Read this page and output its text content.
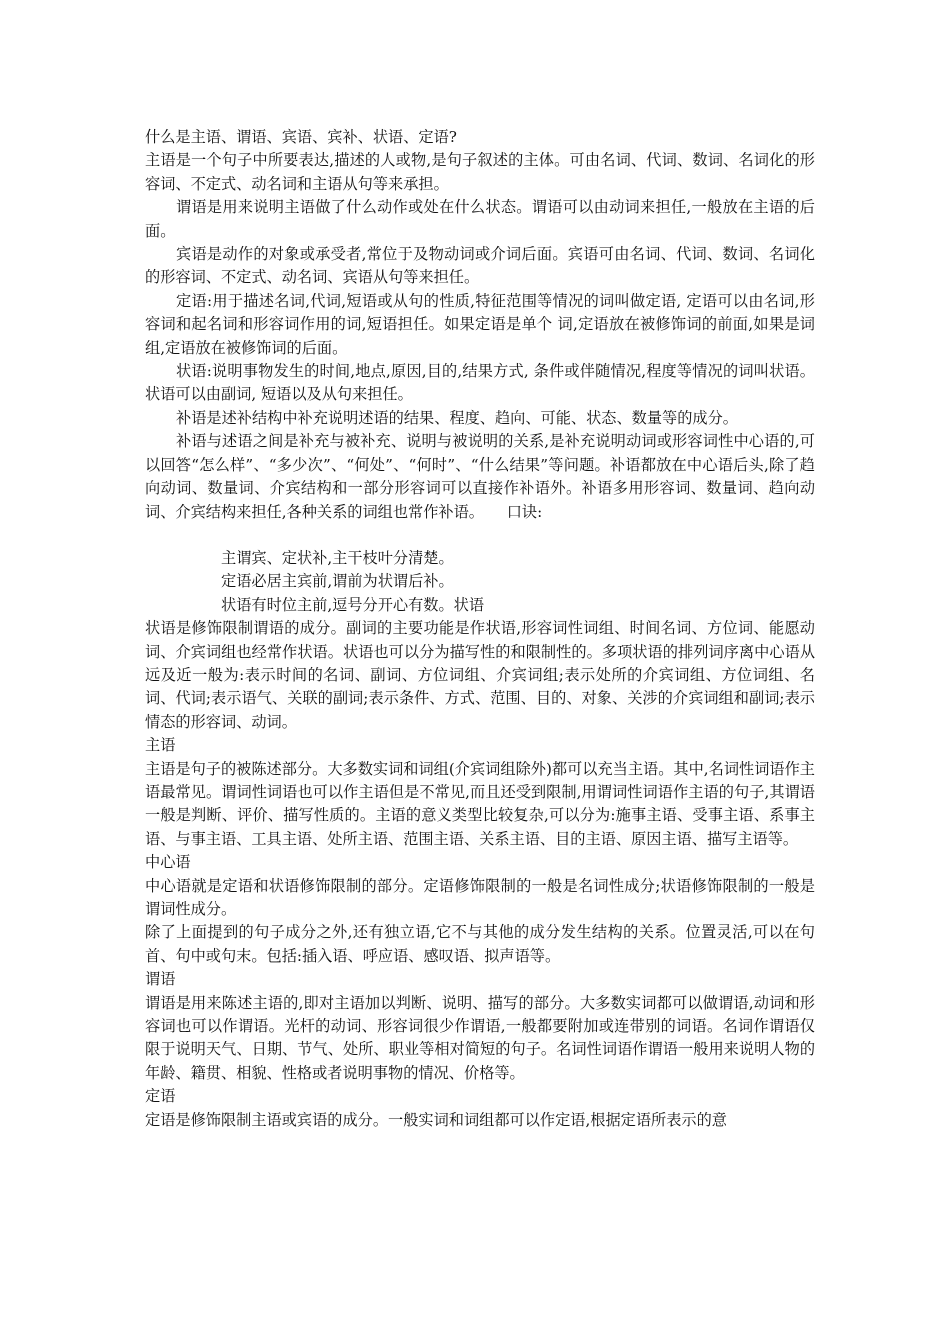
什么是主语、谓语、宾语、宾补、状语、定语?

主语是一个句子中所要表达,描述的人或物,是句子叙述的主体。可由名词、代词、数词、名词化的形容词、不定式、动名词和主语从句等来承担。

谓语是用来说明主语做了什么动作或处在什么状态。谓语可以由动词来担任,一般放在主语的后面。

宾语是动作的对象或承受者,常位于及物动词或介词后面。宾语可由名词、代词、数词、名词化的形容词、不定式、动名词、宾语从句等来担任。

定语:用于描述名词,代词,短语或从句的性质,特征范围等情况的词叫做定语, 定语可以由名词,形容词和起名词和形容词作用的词,短语担任。如果定语是单个 词,定语放在被修饰词的前面,如果是词组,定语放在被修饰词的后面。

状语:说明事物发生的时间,地点,原因,目的,结果方式, 条件或伴随情况,程度等情况的词叫状语。状语可以由副词, 短语以及从句来担任。

补语是述补结构中补充说明述语的结果、程度、趋向、可能、状态、数量等的成分。

补语与述语之间是补充与被补充、说明与被说明的关系,是补充说明动词或形容词性中心语的,可以回答“怎么样”、“多少次”、“何处”、“何时”、“什么结果”等问题。补语都放在中心语后头,除了趋向动词、数量词、介宾结构和一部分形容词可以直接作补语外。补语多用形容词、数量词、趋向动词、介宾结构来担任,各种关系的词组也常作补语。　　口诀:

主谓宾、定状补,主干枝叶分清楚。

定语必居主宾前,谓前为状谓后补。

状语有时位主前,逗号分开心有数。状语

状语是修饰限制谓语的成分。副词的主要功能是作状语,形容词性词组、时间名词、方位词、能愿动词、介宾词组也经常作状语。状语也可以分为描写性的和限制性的。多项状语的排列词序离中心语从远及近一般为:表示时间的名词、副词、方位词组、介宾词组;表示处所的介宾词组、方位词组、名词、代词;表示语气、关联的副词;表示条件、方式、范围、目的、对象、关涉的介宾词组和副词;表示情态的形容词、动词。

主语

主语是句子的被陈述部分。大多数实词和词组(介宾词组除外)都可以充当主语。其中,名词性词语作主语最常见。谓词性词语也可以作主语但是不常见,而且还受到限制,用谓词性词语作主语的句子,其谓语一般是判断、评价、描写性质的。主语的意义类型比较复杂,可以分为:施事主语、受事主语、系事主语、与事主语、工具主语、处所主语、范围主语、关系主语、目的主语、原因主语、描写主语等。

中心语

中心语就是定语和状语修饰限制的部分。定语修饰限制的一般是名词性成分;状语修饰限制的一般是谓词性成分。

除了上面提到的句子成分之外,还有独立语,它不与其他的成分发生结构的关系。位置灵活,可以在句首、句中或句末。包括:插入语、呼应语、感叹语、拟声语等。

谓语

谓语是用来陈述主语的,即对主语加以判断、说明、描写的部分。大多数实词都可以做谓语,动词和形容词也可以作谓语。光杆的动词、形容词很少作谓语,一般都要附加或连带别的词语。名词作谓语仅限于说明天气、日期、节气、处所、职业等相对简短的句子。名词性词语作谓语一般用来说明人物的年龄、籍贯、相貌、性格或者说明事物的情况、价格等。

定语

定语是修饰限制主语或宾语的成分。一般实词和词组都可以作定语,根据定语所表示的意
